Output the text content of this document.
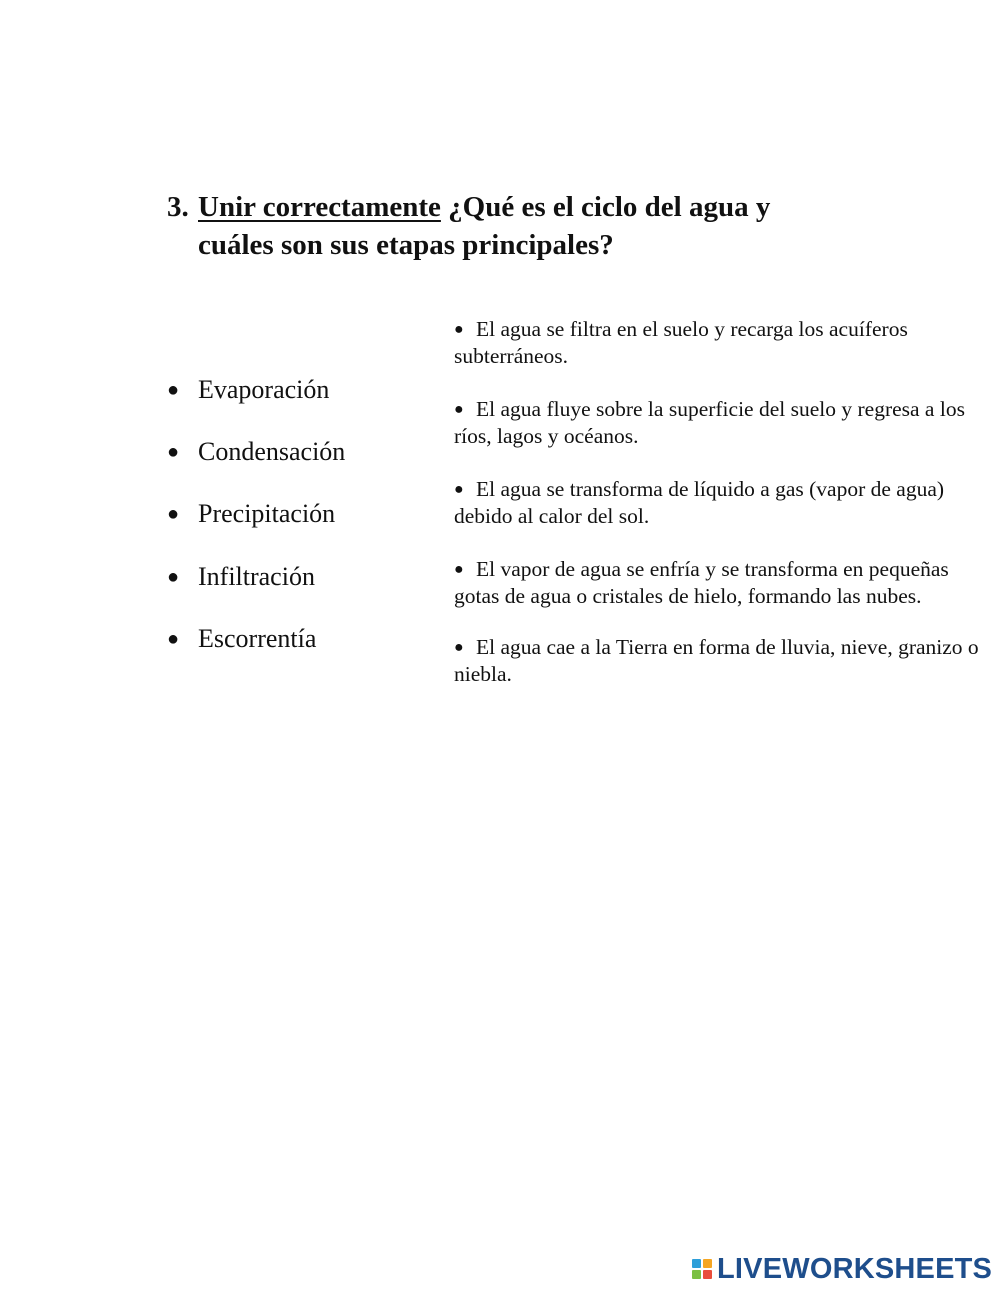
3. Unir correctamente ¿Qué es el ciclo del agua y
cuáles son sus etapas principales?
● Evaporación
● Condensación
● Precipitación
● Infiltración
● Escorrentía
● El agua se filtra en el suelo y recarga los acuíferos subterráneos.
● El agua fluye sobre la superficie del suelo y regresa a los ríos, lagos y océanos.
● El agua se transforma de líquido a gas (vapor de agua) debido al calor del sol.
● El vapor de agua se enfría y se transforma en pequeñas gotas de agua o cristales de hielo, formando las nubes.
● El agua cae a la Tierra en forma de lluvia, nieve, granizo o niebla.
LIVEWORKSHEETS
